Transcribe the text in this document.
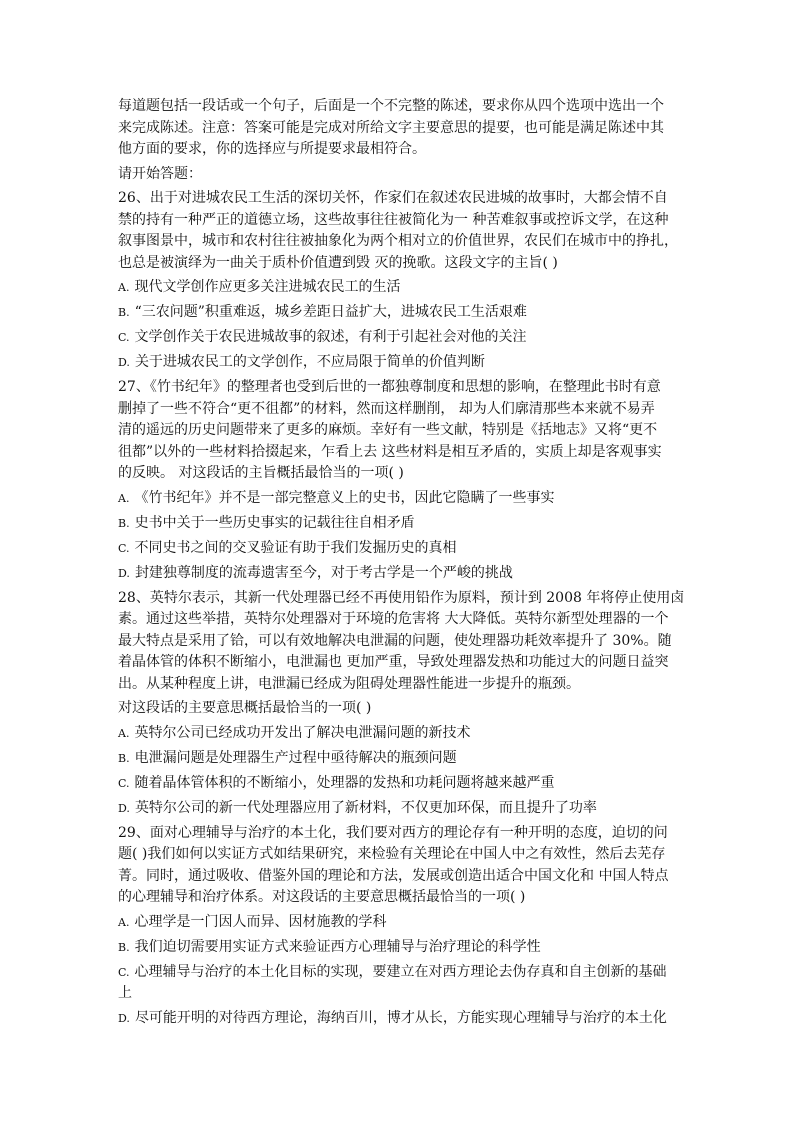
每道题包括一段话或一个句子，后面是一个不完整的陈述，要求你从四个选项中选出一个
来完成陈述。注意：答案可能是完成对所给文字主要意思的提要，也可能是满足陈述中其
他方面的要求，你的选择应与所提要求最相符合。
请开始答题：
26、出于对进城农民工生活的深切关怀，作家们在叙述农民进城的故事时，大都会情不自
禁的持有一种严正的道德立场，这些故事往往被简化为一 种苦难叙事或控诉文学，在这种
叙事图景中，城市和农村往往被抽象化为两个相对立的价值世界，农民们在城市中的挣扎，
也总是被演绎为一曲关于质朴价值遭到毁 灭的挽歌。这段文字的主旨( )
A. 现代文学创作应更多关注进城农民工的生活
B. “三农问题”积重难返，城乡差距日益扩大，进城农民工生活艰难
C. 文学创作关于农民进城故事的叙述，有利于引起社会对他的关注
D. 关于进城农民工的文学创作，不应局限于简单的价值判断
27、《竹书纪年》的整理者也受到后世的一都独尊制度和思想的影响，在整理此书时有意
删掉了一些不符合“更不徂都”的材料，然而这样删削， 却为人们廓清那些本来就不易弄
清的遥远的历史问题带来了更多的麻烦。幸好有一些文献，特别是《括地志》又将“更不
徂都”以外的一些材料拾掇起来，乍看上去 这些材料是相互矛盾的，实质上却是客观事实
的反映。 对这段话的主旨概括最恰当的一项( )
A. 《竹书纪年》并不是一部完整意义上的史书，因此它隐瞒了一些事实
B. 史书中关于一些历史事实的记载往往自相矛盾
C. 不同史书之间的交叉验证有助于我们发掘历史的真相
D. 封建独尊制度的流毒遗害至今，对于考古学是一个严峻的挑战
28、英特尔表示，其新一代处理器已经不再使用铅作为原料，预计到 2008 年将停止使用卤
素。通过这些举措，英特尔处理器对于环境的危害将 大大降低。英特尔新型处理器的一个
最大特点是采用了铪，可以有效地解决电泄漏的问题，使处理器功耗效率提升了 30%。随
着晶体管的体积不断缩小，电泄漏也 更加严重，导致处理器发热和功能过大的问题日益突
出。从某种程度上讲，电泄漏已经成为阻碍处理器性能进一步提升的瓶颈。
对这段话的主要意思概括最恰当的一项( )
A. 英特尔公司已经成功开发出了解决电泄漏问题的新技术
B. 电泄漏问题是处理器生产过程中亟待解决的瓶颈问题
C. 随着晶体管体积的不断缩小，处理器的发热和功耗问题将越来越严重
D. 英特尔公司的新一代处理器应用了新材料，不仅更加环保，而且提升了功率
29、面对心理辅导与治疗的本土化，我们要对西方的理论存有一种开明的态度，迫切的问
题( )我们如何以实证方式如结果研究，来检验有关理论在中国人中之有效性，然后去芜存
菁。同时，通过吸收、借鉴外国的理论和方法，发展或创造出适合中国文化和 中国人特点
的心理辅导和治疗体系。对这段话的主要意思概括最恰当的一项( )
A. 心理学是一门因人而异、因材施教的学科
B. 我们迫切需要用实证方式来验证西方心理辅导与治疗理论的科学性
C. 心理辅导与治疗的本土化目标的实现，要建立在对西方理论去伪存真和自主创新的基础上
D. 尽可能开明的对待西方理论，海纳百川，博才从长，方能实现心理辅导与治疗的本土化
